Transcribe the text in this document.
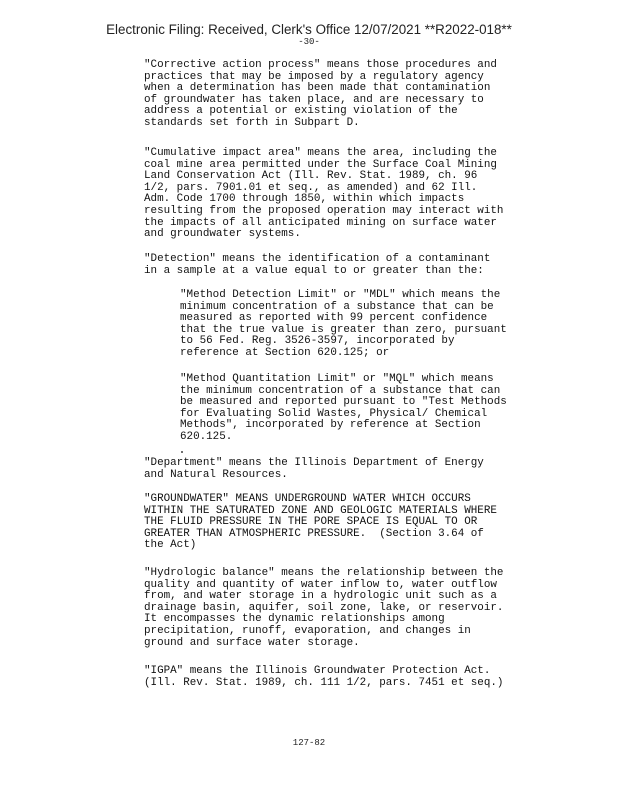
Electronic Filing: Received, Clerk's Office 12/07/2021 **R2022-018**
-30-
"Corrective action process" means those procedures and
practices that may be imposed by a regulatory agency
when a determination has been made that contamination
of groundwater has taken place, and are necessary to
address a potential or existing violation of the
standards set forth in Subpart D.
"Cumulative impact area" means the area, including the
coal mine area permitted under the Surface Coal Mining
Land Conservation Act (Ill. Rev. Stat. 1989, ch. 96
1/2, pars. 7901.01 et seq., as amended) and 62 Ill.
Adm. Code 1700 through 1850, within which impacts
resulting from the proposed operation may interact with
the impacts of all anticipated mining on surface water
and groundwater systems.
"Detection" means the identification of a contaminant
in a sample at a value equal to or greater than the:
"Method Detection Limit" or "MDL" which means the
minimum concentration of a substance that can be
measured as reported with 99 percent confidence
that the true value is greater than zero, pursuant
to 56 Fed. Reg. 3526-3597, incorporated by
reference at Section 620.125; or
"Method Quantitation Limit" or "MQL" which means
the minimum concentration of a substance that can
be measured and reported pursuant to "Test Methods
for Evaluating Solid Wastes, Physical/ Chemical
Methods", incorporated by reference at Section
620.125.
"Department" means the Illinois Department of Energy
and Natural Resources.
"GROUNDWATER" MEANS UNDERGROUND WATER WHICH OCCURS
WITHIN THE SATURATED ZONE AND GEOLOGIC MATERIALS WHERE
THE FLUID PRESSURE IN THE PORE SPACE IS EQUAL TO OR
GREATER THAN ATMOSPHERIC PRESSURE.  (Section 3.64 of
the Act)
"Hydrologic balance" means the relationship between the
quality and quantity of water inflow to, water outflow
from, and water storage in a hydrologic unit such as a
drainage basin, aquifer, soil zone, lake, or reservoir.
It encompasses the dynamic relationships among
precipitation, runoff, evaporation, and changes in
ground and surface water storage.
"IGPA" means the Illinois Groundwater Protection Act.
(Ill. Rev. Stat. 1989, ch. 111 1/2, pars. 7451 et seq.)
127-82
